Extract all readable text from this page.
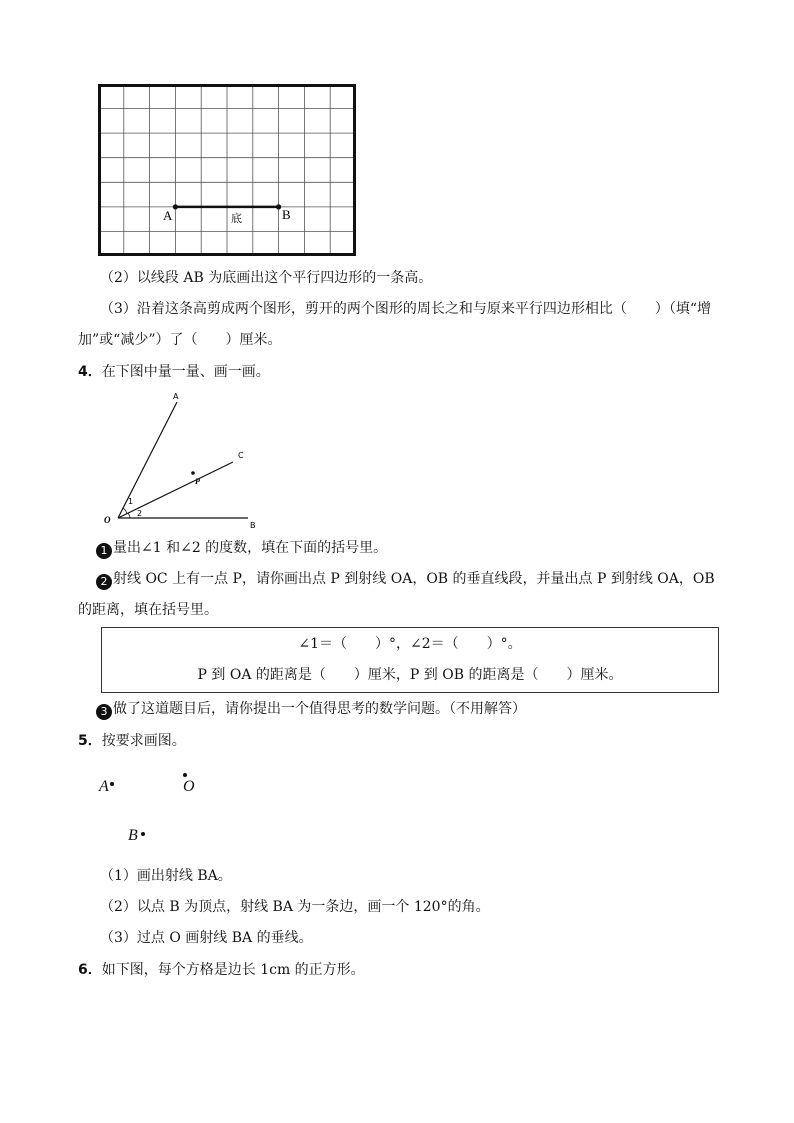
A	B
底
（2）以线段 AB 为底画出这个平行四边形的一条高。
（3）沿着这条高剪成两个图形，剪开的两个图形的周长之和与原来平行四边形相比（　　）（填“增
加”或“减少”）了（　　）厘米。
4．在下图中量一量、画一画。
A
C
B
O
P
1
2
1 量出∠1 和∠2 的度数，填在下面的括号里。
2 射线 OC 上有一点 P，请你画出点 P 到射线 OA，OB 的垂直线段，并量出点 P 到射线 OA，OB
的距离，填在括号里。
∠1＝（　　）°，∠2＝（　　）°。
P 到 OA 的距离是（　　）厘米，P 到 OB 的距离是（　　）厘米。
3 做了这道题目后，请你提出一个值得思考的数学问题。（不用解答）
5．按要求画图。
A	O
B
（1）画出射线 BA。
（2）以点 B 为顶点，射线 BA 为一条边，画一个 120°的角。
（3）过点 O 画射线 BA 的垂线。
6．如下图，每个方格是边长 1cm 的正方形。
